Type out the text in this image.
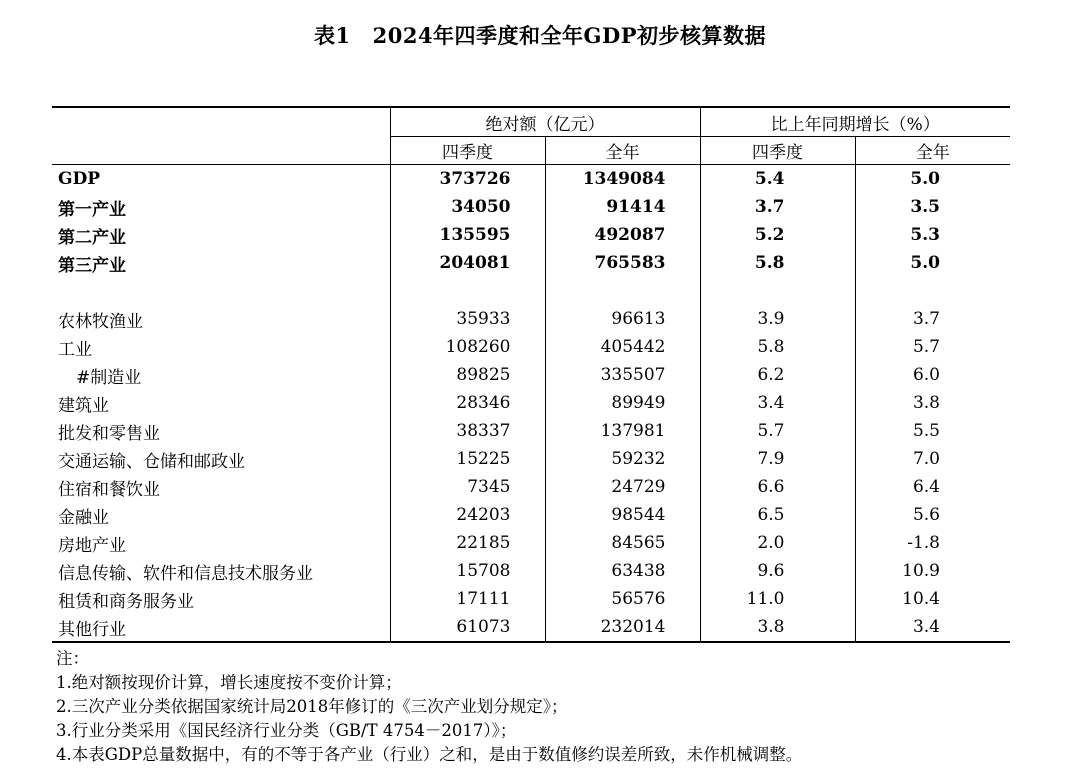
表1 2024年四季度和全年GDP初步核算数据
	绝对额（亿元）		比上年同期增长（%）	
	四季度	全年	四季度	全年
GDP	373726	1349084	5.4	5.0
第一产业	34050	91414	3.7	3.5
第二产业	135595	492087	5.2	5.3
第三产业	204081	765583	5.8	5.0

农林牧渔业	35933	96613	3.9	3.7
工业	108260	405442	5.8	5.7
#制造业	89825	335507	6.2	6.0
建筑业	28346	89949	3.4	3.8
批发和零售业	38337	137981	5.7	5.5
交通运输、仓储和邮政业	15225	59232	7.9	7.0
住宿和餐饮业	7345	24729	6.6	6.4
金融业	24203	98544	6.5	5.6
房地产业	22185	84565	2.0	-1.8
信息传输、软件和信息技术服务业	15708	63438	9.6	10.9
租赁和商务服务业	17111	56576	11.0	10.4
其他行业	61073	232014	3.8	3.4
注：
1.绝对额按现价计算，增长速度按不变价计算；
2.三次产业分类依据国家统计局2018年修订的《三次产业划分规定》；
3.行业分类采用《国民经济行业分类（GB/T 4754－2017）》；
4.本表GDP总量数据中，有的不等于各产业（行业）之和，是由于数值修约误差所致，未作机械调整。
